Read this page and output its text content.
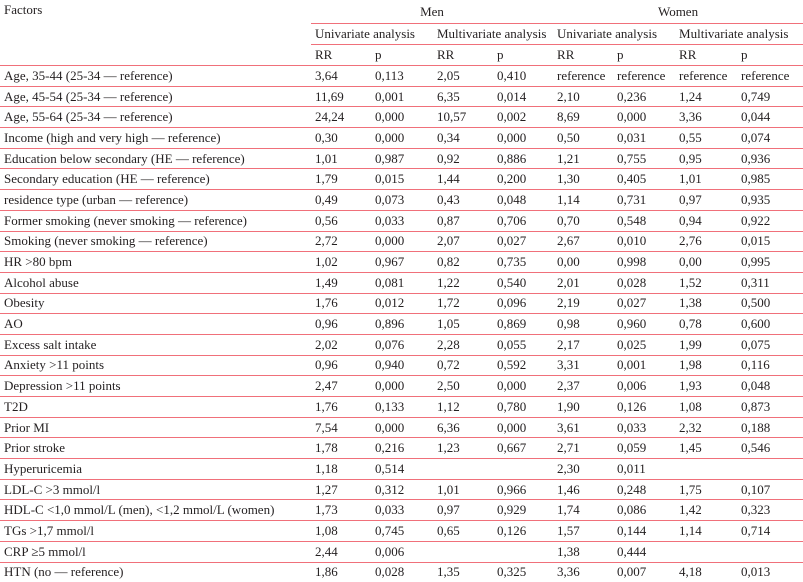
Factors	Men				Women			
	Univariate analysis		Multivariate analysis		Univariate analysis		Multivariate analysis	
	RR	p	RR	p	RR	p	RR	p
Age, 35-44 (25-34 — reference)	3,64	0,113	2,05	0,410	reference	reference	reference	reference
Age, 45-54 (25-34 — reference)	11,69	0,001	6,35	0,014	2,10	0,236	1,24	0,749
Age, 55-64 (25-34 — reference)	24,24	0,000	10,57	0,002	8,69	0,000	3,36	0,044
Income (high and very high — reference)	0,30	0,000	0,34	0,000	0,50	0,031	0,55	0,074
Education below secondary (HE — reference)	1,01	0,987	0,92	0,886	1,21	0,755	0,95	0,936
Secondary education (HE — reference)	1,79	0,015	1,44	0,200	1,30	0,405	1,01	0,985
residence type (urban — reference)	0,49	0,073	0,43	0,048	1,14	0,731	0,97	0,935
Former smoking (never smoking — reference)	0,56	0,033	0,87	0,706	0,70	0,548	0,94	0,922
Smoking (never smoking — reference)	2,72	0,000	2,07	0,027	2,67	0,010	2,76	0,015
HR >80 bpm	1,02	0,967	0,82	0,735	0,00	0,998	0,00	0,995
Alcohol abuse	1,49	0,081	1,22	0,540	2,01	0,028	1,52	0,311
Obesity	1,76	0,012	1,72	0,096	2,19	0,027	1,38	0,500
AO	0,96	0,896	1,05	0,869	0,98	0,960	0,78	0,600
Excess salt intake	2,02	0,076	2,28	0,055	2,17	0,025	1,99	0,075
Anxiety >11 points	0,96	0,940	0,72	0,592	3,31	0,001	1,98	0,116
Depression >11 points	2,47	0,000	2,50	0,000	2,37	0,006	1,93	0,048
T2D	1,76	0,133	1,12	0,780	1,90	0,126	1,08	0,873
Prior MI	7,54	0,000	6,36	0,000	3,61	0,033	2,32	0,188
Prior stroke	1,78	0,216	1,23	0,667	2,71	0,059	1,45	0,546
Hyperuricemia	1,18	0,514			2,30	0,011		
LDL-C >3 mmol/l	1,27	0,312	1,01	0,966	1,46	0,248	1,75	0,107
HDL-C <1,0 mmol/L (men), <1,2 mmol/L (women)	1,73	0,033	0,97	0,929	1,74	0,086	1,42	0,323
TGs >1,7 mmol/l	1,08	0,745	0,65	0,126	1,57	0,144	1,14	0,714
CRP ≥5 mmol/l	2,44	0,006			1,38	0,444		
HTN (no — reference)	1,86	0,028	1,35	0,325	3,36	0,007	4,18	0,013
